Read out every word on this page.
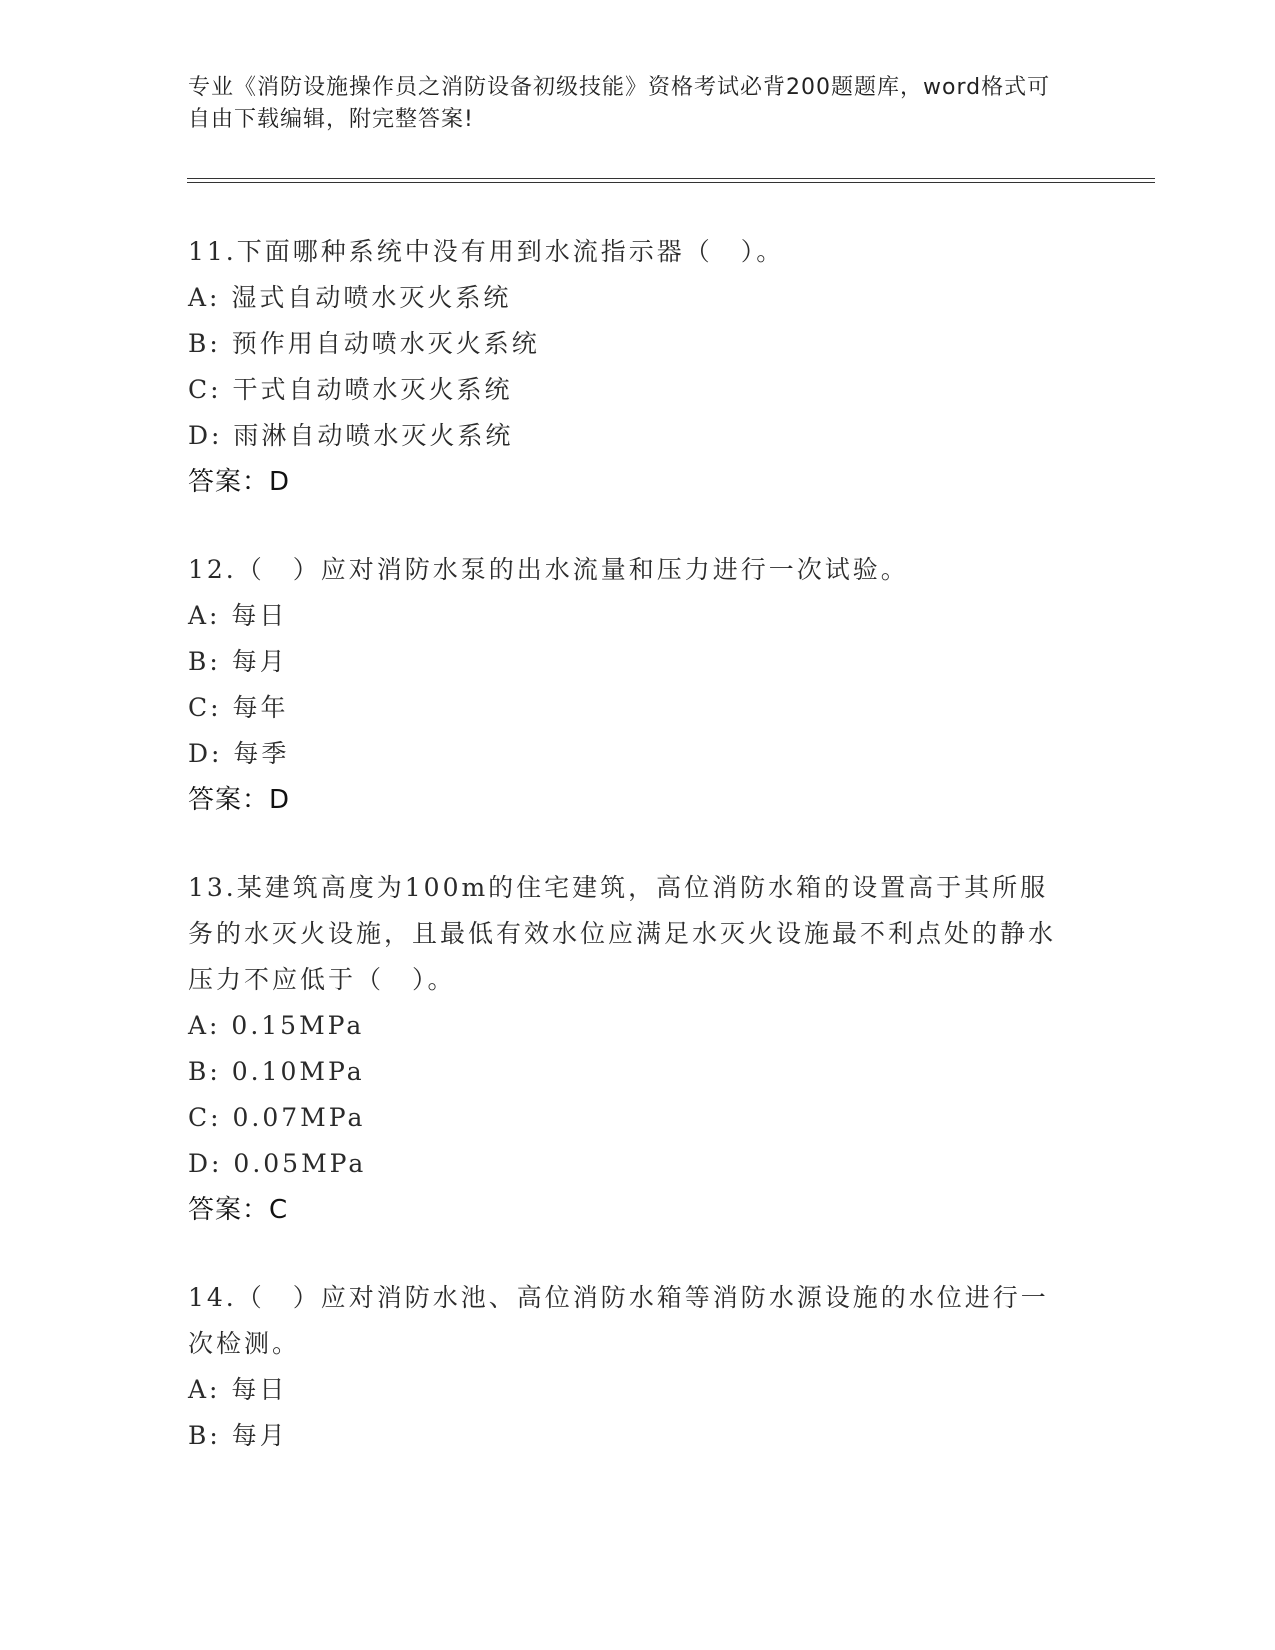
专业《消防设施操作员之消防设备初级技能》资格考试必背200题题库，word格式可自由下载编辑，附完整答案!
11.下面哪种系统中没有用到水流指示器（　）。
A: 湿式自动喷水灭火系统
B: 预作用自动喷水灭火系统
C: 干式自动喷水灭火系统
D: 雨淋自动喷水灭火系统
答案：D
12.（　）应对消防水泵的出水流量和压力进行一次试验。
A: 每日
B: 每月
C: 每年
D: 每季
答案：D
13.某建筑高度为100m的住宅建筑，高位消防水箱的设置高于其所服务的水灭火设施，且最低有效水位应满足水灭火设施最不利点处的静水压力不应低于（　）。
A: 0.15MPa
B: 0.10MPa
C: 0.07MPa
D: 0.05MPa
答案：C
14.（　）应对消防水池、高位消防水箱等消防水源设施的水位进行一次检测。
A: 每日
B: 每月
